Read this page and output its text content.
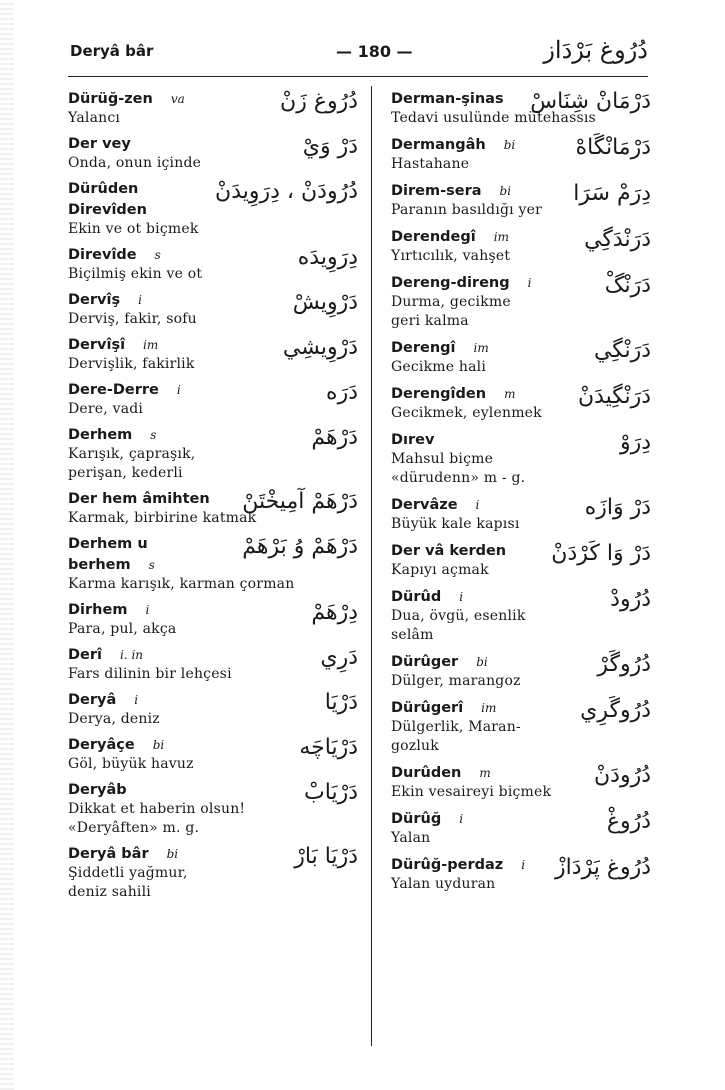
Deryâ bâr	— 180 —	دُرُوغ بَرْدَاز
Dürüğ-zen va
Yalancı
دُرُوغ زَنْ
Der vey
Onda, onun içinde
دَرْ وَيْ
Dürûden
Direvîden
Ekin ve ot biçmek
دُرُودَنْ ، دِرَوِيدَنْ
Direvîde s
Biçilmiş ekin ve ot
دِرَوِيدَه
Dervîş i
Derviş, fakir, sofu
دَرْوِيشْ
Dervîşî im
Dervişlik, fakirlik
دَرْوِيشِي
Dere-Derre i
Dere, vadi
دَرَه
Derhem s
Karışık, çapraşık,
perişan, kederli
دَرْهَمْ
Der hem âmihten
Karmak, birbirine katmak
دَرْهَمْ آمِيخْتَنْ
Derhem u
berhem s
Karma karışık, karman çorman
دَرْهَمْ وُ بَرْهَمْ
Dirhem i
Para, pul, akça
دِرْهَمْ
Derî i. in
Fars dilinin bir lehçesi
دَرِي
Deryâ i
Derya, deniz
دَرْيَا
Deryâçe bi
Göl, büyük havuz
دَرْيَاچَه
Deryâb
Dikkat et haberin olsun!
«Deryâften» m. g.
دَرْيَابْ
Deryâ bâr bi
Şiddetli yağmur,
deniz sahili
دَرْيَا بَارْ
Derman-şinas
Tedavi usulünde mütehassıs
دَرْمَانْ شِنَاسْ
Dermangâh bi
Hastahane
دَرْمَانْگَاهْ
Direm-sera bi
Paranın basıldığı yer
دِرَمْ سَرَا
Derendegî im
Yırtıcılık, vahşet
دَرَنْدَگِي
Dereng-direng i
Durma, gecikme
geri kalma
دَرَنْگْ
Derengî im
Gecikme hali
دَرَنْگِي
Derengîden m
Gecikmek, eylenmek
دَرَنْگِيدَنْ
Dırev
Mahsul biçme
«dürudenn» m - g.
دِرَوْ
Dervâze i
Büyük kale kapısı
دَرْ وَازَه
Der vâ kerden
Kapıyı açmak
دَرْ وَا كَرْدَنْ
Dürûd i
Dua, övgü, esenlik
selâm
دُرُودْ
Dürûger bi
Dülger, marangoz
دُرُوگَرْ
Dürûgerî im
Dülgerlik, Maran-
gozluk
دُرُوگَرِي
Durûden m
Ekin vesaireyi biçmek
دُرُودَنْ
Dürûğ i
Yalan
دُرُوغْ
Dürûğ-perdaz i
Yalan uyduran
دُرُوغ پَرْدَازْ
